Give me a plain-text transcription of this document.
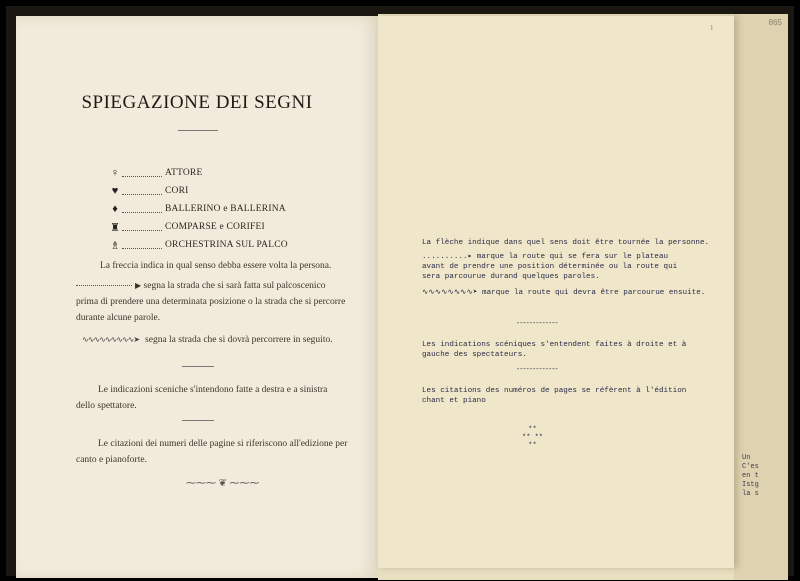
SPIEGAZIONE DEI SEGNI
♀	ATTORE
♥	CORI
♦	BALLERINO e BALLERINA
♜	COMPARSE e CORIFEI
♗	ORCHESTRINA SUL PALCO
La freccia indica in qual senso debba essere volta la persona.
▶ segna la strada che si sarà fatta sul palcoscenico
prima di prendere una determinata posizione o la strada che si percorre
durante alcune parole.
∿∿∿∿∿∿∿∿∿➤ segna la strada che si dovrà percorrere in seguito.
Le indicazioni sceniche s'intendono fatte a destra e a sinistra
dello spettatore.
Le citazioni dei numeri delle pagine si riferiscono all'edizione per
canto e pianoforte.
⁓⁓⁓ ❦ ⁓⁓⁓
865
1
La flèche indique dans quel sens doit être tournée la personne.
..........▸ marque la route qui se fera sur le plateau
avant de prendre une position déterminée ou la route qui
sera parcourue durand quelques paroles.
∿∿∿∿∿∿∿∿➤ marque la route qui devra être parcourue ensuite.
-------------
Les indications scéniques s'entendent faites à droite et à
gauche des spectateurs.
-------------
Les citations des numéros de pages se réfèrent à l'édition
chant et piano
**
** **
**
Un
C'es
en t
Istg
la s
